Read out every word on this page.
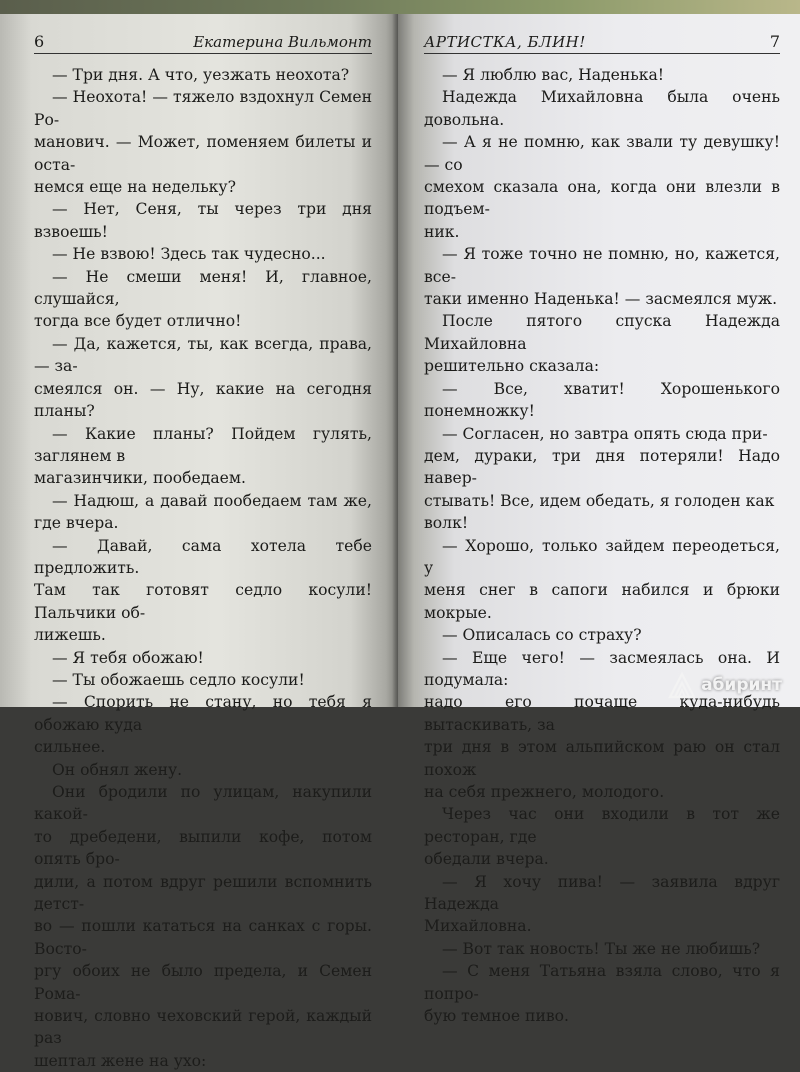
6	Екатерина Вильмонт

— Три дня. А что, уезжать неохота?

— Неохота! — тяжело вздохнул Семен Ро-

манович. — Может, поменяем билеты и оста-

немся еще на недельку?

— Нет, Сеня, ты через три дня взвоешь!

— Не взвою! Здесь так чудесно...

— Не смеши меня! И, главное, слушайся,

тогда все будет отлично!

— Да, кажется, ты, как всегда, права, — за-

смеялся он. — Ну, какие на сегодня планы?

— Какие планы? Пойдем гулять, заглянем в

магазинчики, пообедаем.

— Надюш, а давай пообедаем там же, где вчера.

— Давай, сама хотела тебе предложить.

Там так готовят седло косули! Пальчики об-

лижешь.

— Я тебя обожаю!

— Ты обожаешь седло косули!

— Спорить не стану, но тебя я обожаю куда

сильнее.

Он обнял жену.

Они бродили по улицам, накупили какой-

то дребедени, выпили кофе, потом опять бро-

дили, а потом вдруг решили вспомнить детст-

во — пошли кататься на санках с горы. Восто-

ргу обоих не было предела, и Семен Рома-

нович, словно чеховский герой, каждый раз

шептал жене на ухо:

АРТИСТКА, БЛИН!	7

— Я люблю вас, Наденька!

Надежда Михайловна была очень довольна.

— А я не помню, как звали ту девушку! — со

смехом сказала она, когда они влезли в подъем-

ник.

— Я тоже точно не помню, но, кажется, все-

таки именно Наденька! — засмеялся муж.

После пятого спуска Надежда Михайловна

решительно сказала:

— Все, хватит! Хорошенького понемножку!

— Согласен, но завтра опять сюда при-

дем, дураки, три дня потеряли! Надо навер-

стывать! Все, идем обедать, я голоден как

волк!

— Хорошо, только зайдем переодеться, у

меня снег в сапоги набился и брюки мокрые.

— Описалась со страху?

— Еще чего! — засмеялась она. И подумала:

надо его почаще куда-нибудь вытаскивать, за

три дня в этом альпийском раю он стал похож

на себя прежнего, молодого.

Через час они входили в тот же ресторан, где

обедали вчера.

— Я хочу пива! — заявила вдруг Надежда

Михайловна.

— Вот так новость! Ты же не любишь?

— С меня Татьяна взяла слово, что я попро-

бую темное пиво.

абиринт
